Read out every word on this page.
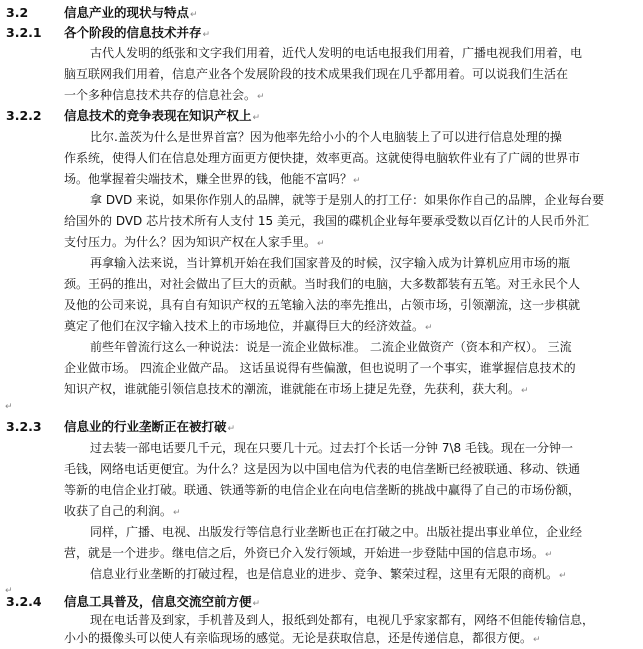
3.2	信息产业的现状与特点↵
3.2.1 各个阶段的信息技术并存↵
古代人发明的纸张和文字我们用着，近代人发明的电话电报我们用着，广播电视我们用着，电
脑互联网我们用着，信息产业各个发展阶段的技术成果我们现在几乎都用着。可以说我们生活在
一个多种信息技术共存的信息社会。↵
3.2.2 信息技术的竞争表现在知识产权上↵
比尔.盖茨为什么是世界首富？因为他率先给小小的个人电脑装上了可以进行信息处理的操
作系统，使得人们在信息处理方面更方便快捷，效率更高。这就使得电脑软件业有了广阔的世界市
场。他掌握着尖端技术，赚全世界的钱，他能不富吗？↵
拿 DVD 来说，如果你作别人的品牌，就等于是别人的打工仔：如果你作自己的品牌，企业每台要
给国外的 DVD 芯片技术所有人支付 15 美元，我国的碟机企业每年要承受数以百亿计的人民币外汇
支付压力。为什么？因为知识产权在人家手里。↵
再拿输入法来说，当计算机开始在我们国家普及的时候，汉字输入成为计算机应用市场的瓶
颈。王码的推出，对社会做出了巨大的贡献。当时我们的电脑，大多数都装有五笔。对王永民个人
及他的公司来说，具有自有知识产权的五笔输入法的率先推出，占领市场，引领潮流，这一步棋就
奠定了他们在汉字输入技术上的市场地位，并赢得巨大的经济效益。↵
前些年曾流行这么一种说法：说是一流企业做标准。 二流企业做资产（资本和产权）。 三流
企业做市场。 四流企业做产品。 这话虽说得有些偏激，但也说明了一个事实，谁掌握信息技术的
知识产权，谁就能引领信息技术的潮流，谁就能在市场上捷足先登，先获利，获大利。↵
↵
3.2.3 信息业的行业垄断正在被打破↵
过去装一部电话要几千元，现在只要几十元。过去打个长话一分钟 7\8 毛钱。现在一分钟一
毛钱，网络电话更便宜。为什么？这是因为以中国电信为代表的电信垄断已经被联通、移动、铁通
等新的电信企业打破。联通、铁通等新的电信企业在向电信垄断的挑战中赢得了自己的市场份额，
收获了自己的利润。↵
同样，广播、电视、出版发行等信息行业垄断也正在打破之中。出版社提出事业单位，企业经
营，就是一个进步。继电信之后，外资已介入发行领域，开始进一步登陆中国的信息市场。↵
信息业行业垄断的打破过程，也是信息业的进步、竞争、繁荣过程，这里有无限的商机。↵
↵
3.2.4 信息工具普及，信息交流空前方便↵
现在电话普及到家，手机普及到人，报纸到处都有，电视几乎家家都有，网络不但能传输信息，
小小的摄像头可以使人有亲临现场的感觉。无论是获取信息，还是传递信息，都很方便。↵
